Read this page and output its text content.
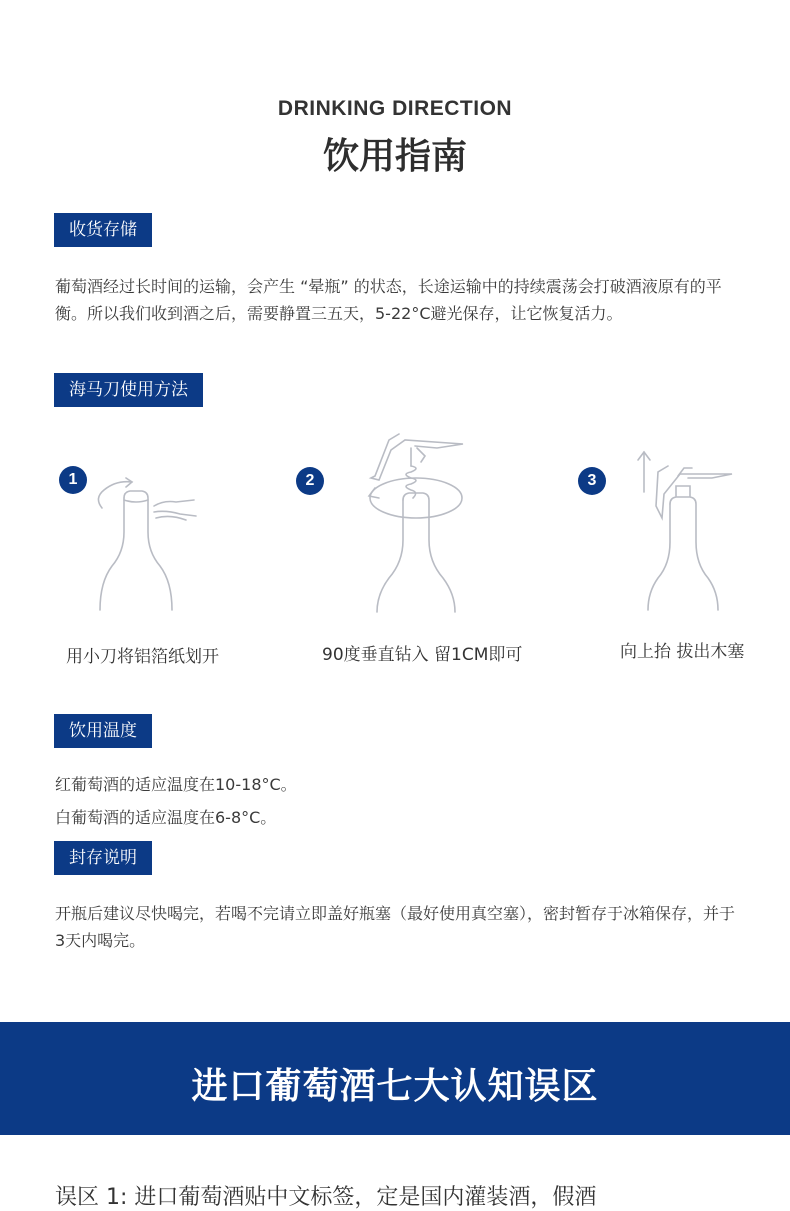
DRINKING DIRECTION
饮用指南
收货存储
葡萄酒经过长时间的运输，会产生 “晕瓶” 的状态，长途运输中的持续震荡会打破酒液原有的平衡。所以我们收到酒之后，需要静置三五天，5-22°C避光保存，让它恢复活力。
海马刀使用方法
1
用小刀将铝箔纸划开
2
90度垂直钻入 留1CM即可
3
向上抬 拔出木塞
饮用温度
红葡萄酒的适应温度在10-18°C。
白葡萄酒的适应温度在6-8°C。
封存说明
开瓶后建议尽快喝完，若喝不完请立即盖好瓶塞（最好使用真空塞），密封暂存于冰箱保存，并于3天内喝完。
进口葡萄酒七大认知误区
误区 1: 进口葡萄酒贴中文标签，定是国内灌装酒，假酒
